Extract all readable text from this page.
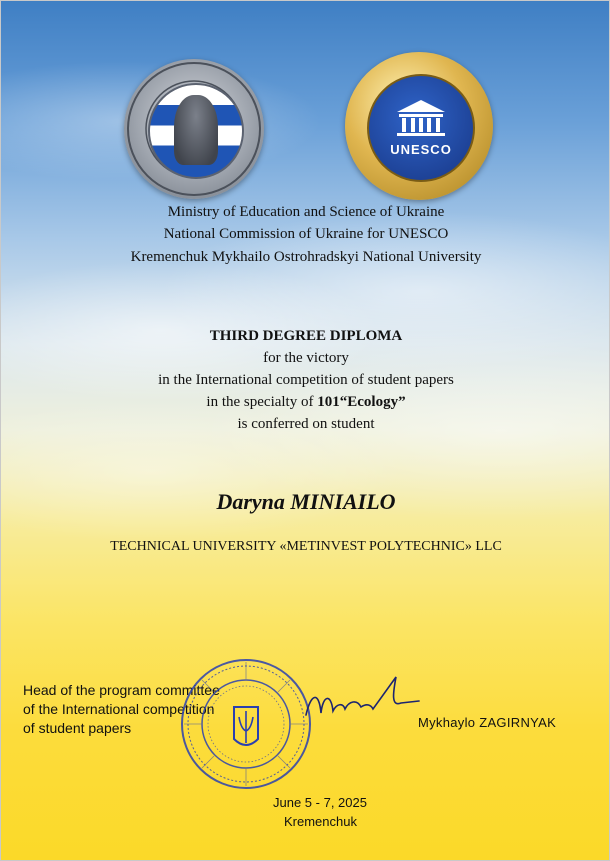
UNESCO
Ministry of Education and Science of Ukraine
National Commission of Ukraine for UNESCO
Kremenchuk Mykhailo Ostrohradskyi National University
THIRD DEGREE DIPLOMA
for the victory
in the International competition of student papers
in the specialty of 101“Ecology”
is conferred on student
Daryna MINIAILO
TECHNICAL UNIVERSITY «METINVEST POLYTECHNIC» LLC
Head of the program committee
of the International competition
of student papers	Mykhaylo ZAGIRNYAK
June 5 - 7, 2025
Kremenchuk
